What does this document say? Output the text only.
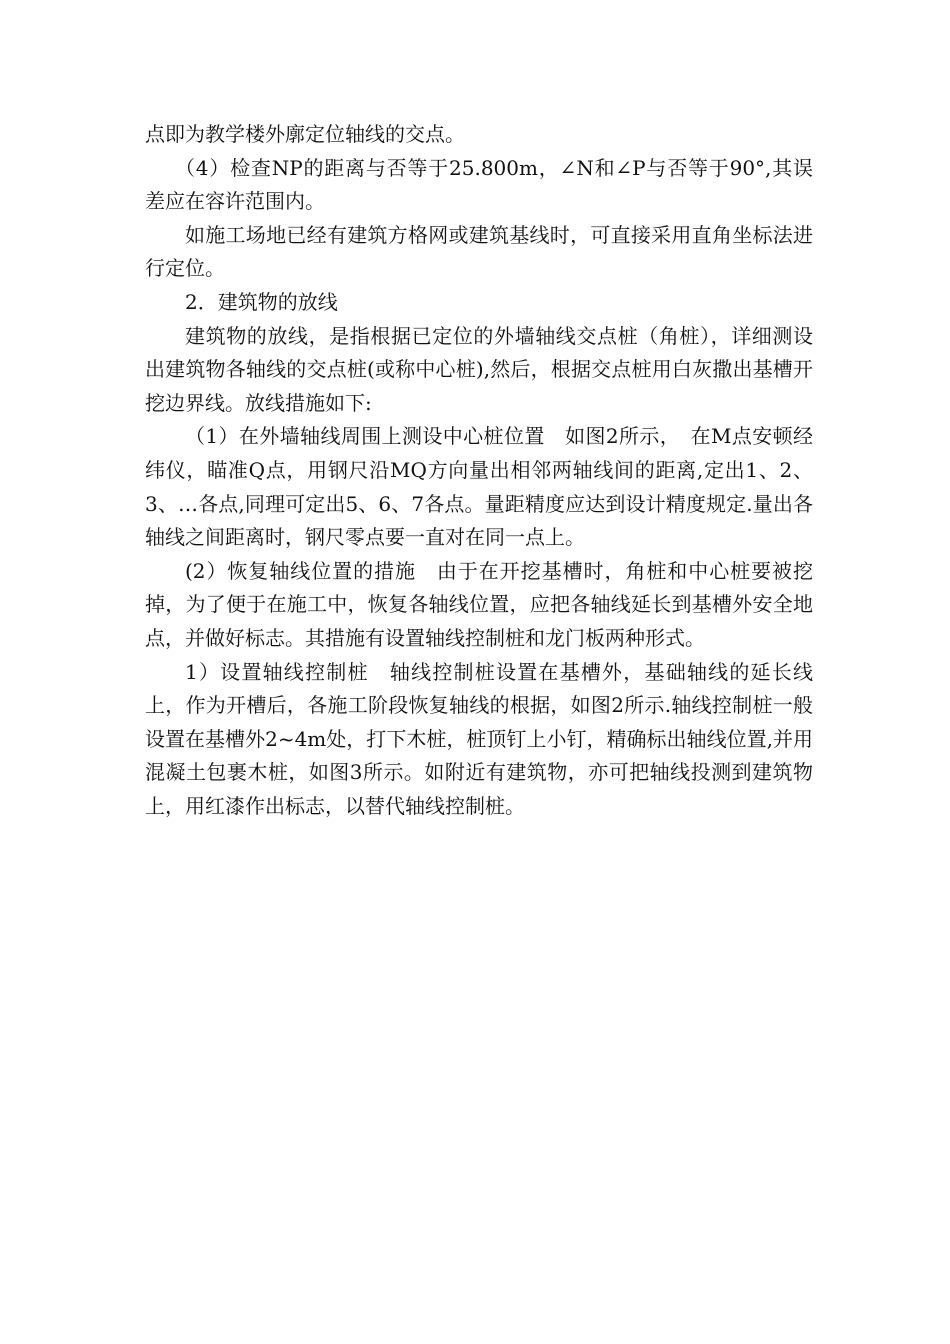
点即为教学楼外廓定位轴线的交点。

（4）检查NP的距离与否等于25.800m，∠N和∠P与否等于90°,其误差应在容许范围内。

如施工场地已经有建筑方格网或建筑基线时，可直接采用直角坐标法进行定位。

2．建筑物的放线

建筑物的放线，是指根据已定位的外墙轴线交点桩（角桩），详细测设出建筑物各轴线的交点桩(或称中心桩),然后，根据交点桩用白灰撒出基槽开挖边界线。放线措施如下:

（1）在外墙轴线周围上测设中心桩位置　如图2所示，　在M点安顿经纬仪，瞄准Q点，用钢尺沿MQ方向量出相邻两轴线间的距离,定出1、2、3、…各点,同理可定出5、6、7各点。量距精度应达到设计精度规定.量出各轴线之间距离时，钢尺零点要一直对在同一点上。

(2）恢复轴线位置的措施　由于在开挖基槽时，角桩和中心桩要被挖掉，为了便于在施工中，恢复各轴线位置，应把各轴线延长到基槽外安全地点，并做好标志。其措施有设置轴线控制桩和龙门板两种形式。

1）设置轴线控制桩　轴线控制桩设置在基槽外，基础轴线的延长线上，作为开槽后，各施工阶段恢复轴线的根据，如图2所示.轴线控制桩一般设置在基槽外2~4m处，打下木桩，桩顶钉上小钉，精确标出轴线位置,并用混凝土包裹木桩，如图3所示。如附近有建筑物，亦可把轴线投测到建筑物上，用红漆作出标志，以替代轴线控制桩。
